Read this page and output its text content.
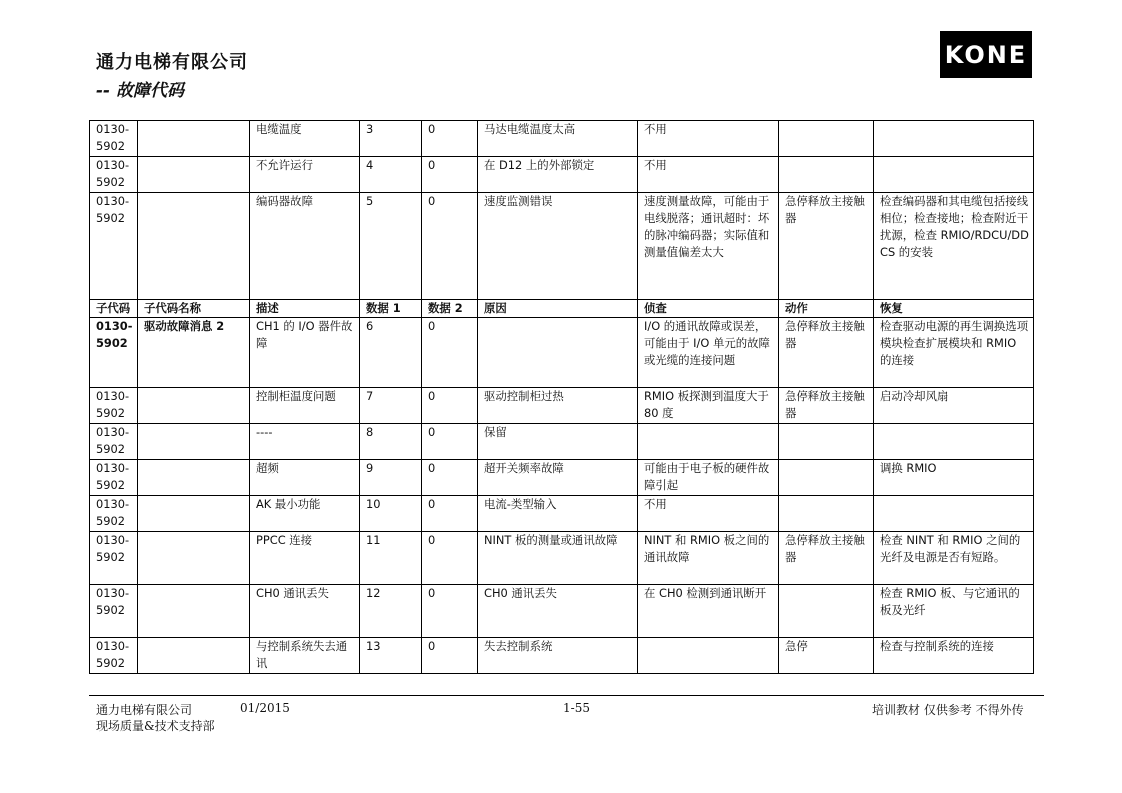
通力电梯有限公司
-- 故障代码
KONE
0130-5902		电缆温度	3	0	马达电缆温度太高	不用		
0130-5902		不允许运行	4	0	在 D12 上的外部锁定	不用		
0130-5902		编码器故障	5	0	速度监测错误	速度测量故障，可能由于电线脱落；通讯超时：坏的脉冲编码器；实际值和测量值偏差太大	急停释放主接触器	检查编码器和其电缆包括接线相位；检查接地；检查附近干扰源，检查 RMIO/RDCU/DDCS 的安装
子代码	子代码名称	描述	数据 1	数据 2	原因	侦查	动作	恢复
0130-5902	驱动故障消息 2	CH1 的 I/O 器件故障	6	0		I/O 的通讯故障或误差，可能由于 I/O 单元的故障或光缆的连接问题	急停释放主接触器	检查驱动电源的再生调换选项模块检查扩展模块和 RMIO 的连接
0130-5902		控制柜温度问题	7	0	驱动控制柜过热	RMIO 板探测到温度大于 80 度	急停释放主接触器	启动冷却风扇
0130-5902		----	8	0	保留			
0130-5902		超频	9	0	超开关频率故障	可能由于电子板的硬件故障引起		调换 RMIO
0130-5902		AK 最小功能	10	0	电流-类型输入	不用		
0130-5902		PPCC 连接	11	0	NINT 板的测量或通讯故障	NINT 和 RMIO 板之间的通讯故障	急停释放主接触器	检查 NINT 和 RMIO 之间的光纤及电源是否有短路。
0130-5902		CH0 通讯丢失	12	0	CH0 通讯丢失	在 CH0 检测到通讯断开		检查 RMIO 板、与它通讯的板及光纤
0130-5902		与控制系统失去通讯	13	0	失去控制系统		急停	检查与控制系统的连接
通力电梯有限公司	01/2015
现场质量&技术支持部
1-55	培训教材 仅供参考 不得外传
